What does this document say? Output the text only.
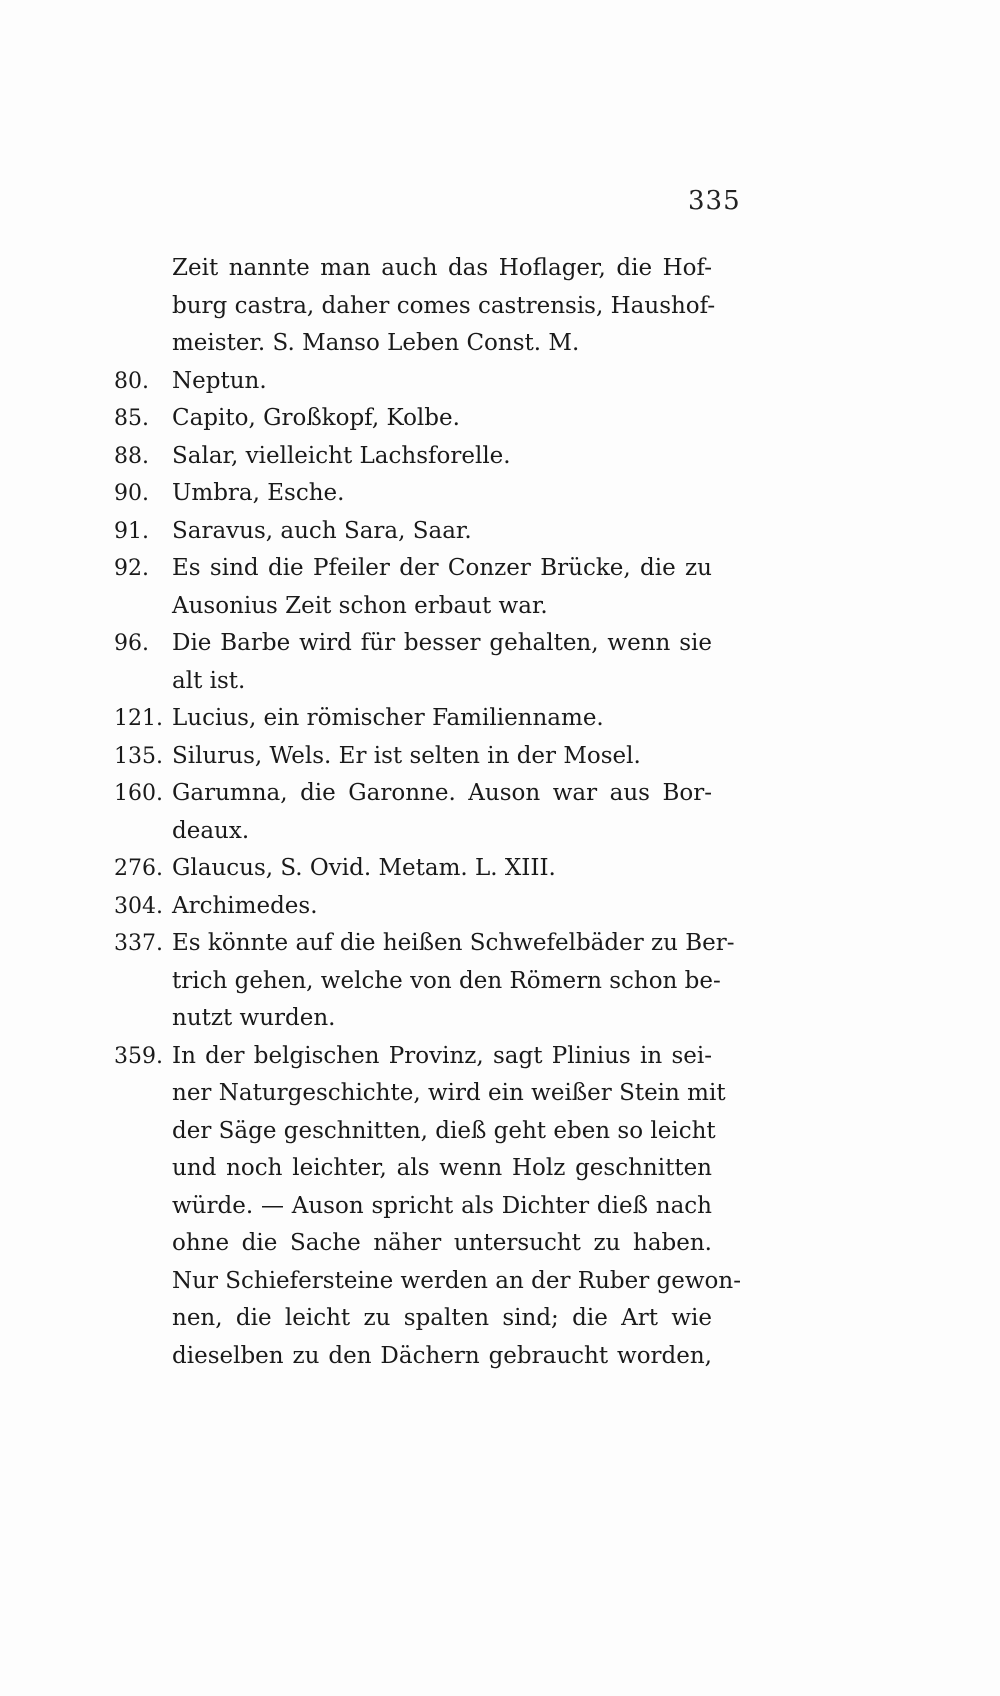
335
Zeit nannte man auch das Hoflager, die Hof-
burg castra, daher comes castrensis, Haushof-
meister. S. Manso Leben Const. M.
80.	Neptun.
85.	Capito, Großkopf, Kolbe.
88.	Salar, vielleicht Lachsforelle.
90.	Umbra, Esche.
91.	Saravus, auch Sara, Saar.
92.	Es sind die Pfeiler der Conzer Brücke, die zu
Ausonius Zeit schon erbaut war.
96.	Die Barbe wird für besser gehalten, wenn sie
alt ist.
121. Lucius, ein römischer Familienname.
135. Silurus, Wels. Er ist selten in der Mosel.
160. Garumna, die Garonne. Auson war aus Bor-
deaux.
276. Glaucus, S. Ovid. Metam. L. XIII.
304. Archimedes.
337. Es könnte auf die heißen Schwefelbäder zu Ber-
trich gehen, welche von den Römern schon be-
nutzt wurden.
359. In der belgischen Provinz, sagt Plinius in sei-
ner Naturgeschichte, wird ein weißer Stein mit
der Säge geschnitten, dieß geht eben so leicht
und noch leichter, als wenn Holz geschnitten
würde. — Auson spricht als Dichter dieß nach
ohne die Sache näher untersucht zu haben.
Nur Schiefersteine werden an der Ruber gewon-
nen, die leicht zu spalten sind; die Art wie
dieselben zu den Dächern gebraucht worden,
